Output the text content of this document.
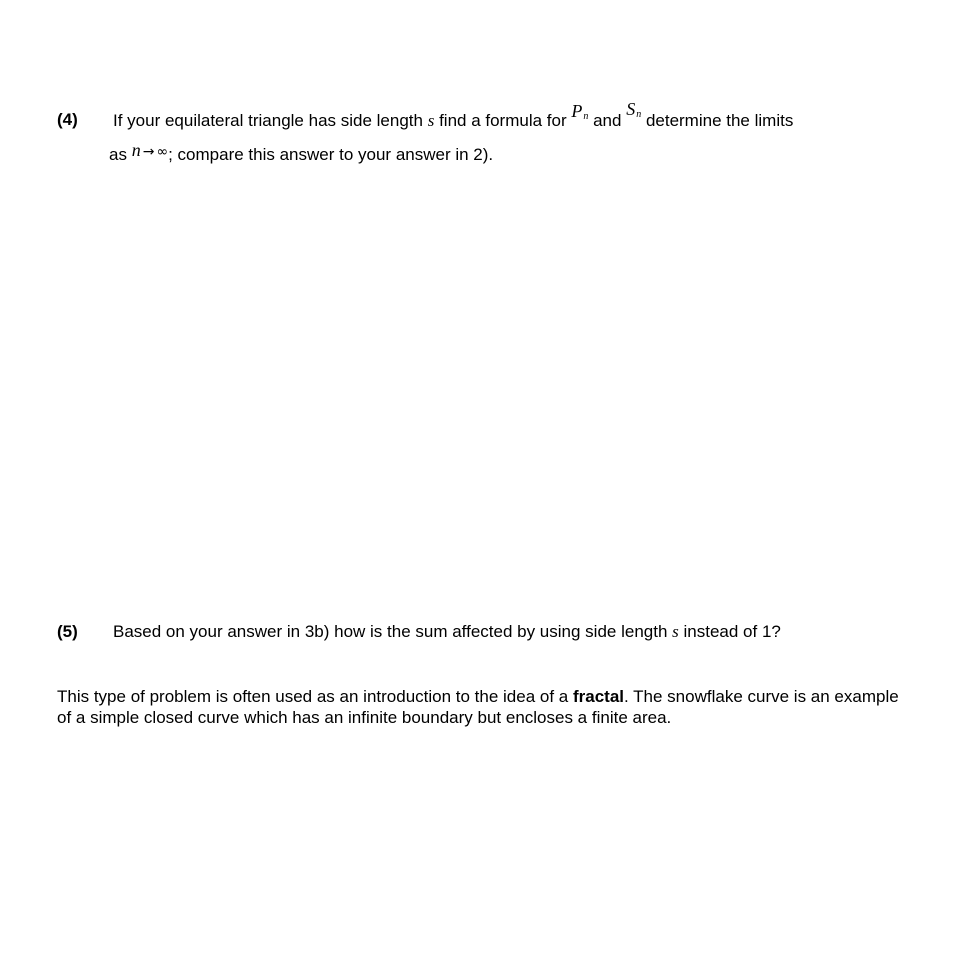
(4) If your equilateral triangle has side length s find a formula for Pn and Sn determine the limits
as n → ∞; compare this answer to your answer in 2).
(5) Based on your answer in 3b) how is the sum affected by using side length s instead of 1?
This type of problem is often used as an introduction to the idea of a fractal. The snowflake curve is an example of a simple closed curve which has an infinite boundary but encloses a finite area.
